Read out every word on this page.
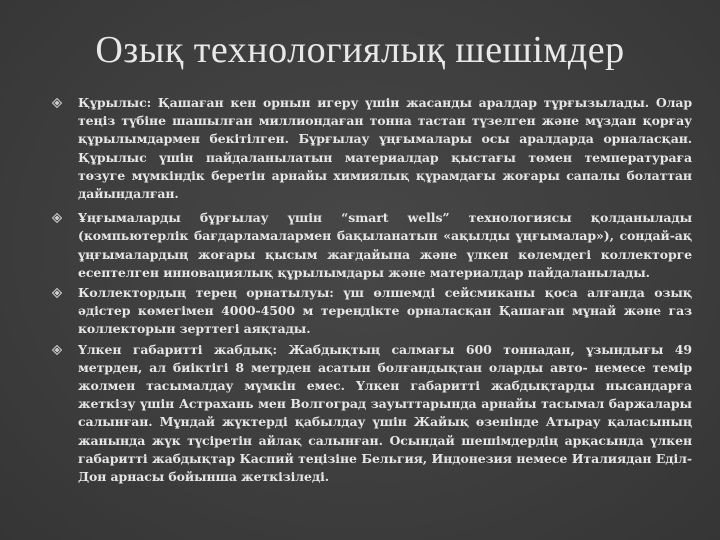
Озық технологиялық шешімдер
Құрылыс: Қашаған кен орнын игеру үшін жасанды аралдар тұрғызылады. Олар теңіз түбіне шашылған миллиондаған тонна тастан түзелген және мұздан қорғау құрылымдармен бекітілген. Бұрғылау ұңғымалары осы аралдарда орналасқан. Құрылыс үшін пайдаланылатын материалдар қыстағы төмен температураға төзуге мүмкіндік беретін арнайы химиялық құрамдағы жоғары сапалы болаттан дайындалған.
Ұңғымаларды бұрғылау үшін “smart wells” технологиясы қолданылады (компьютерлік бағдарламалармен бақыланатын «ақылды ұңғымалар»), сондай-ақ ұңғымалардың жоғары қысым жағдайына және үлкен көлемдегі коллекторге есептелген инновациялық құрылымдары және материалдар пайдаланылады.
Коллектордың терең орнатылуы: үш өлшемді сейсмиканы қоса алғанда озық әдістер көмегімен 4000-4500 м тереңдікте орналасқан Қашаған мұнай және газ коллекторын зерттегі аяқтады.
Үлкен габаритті жабдық: Жабдықтың салмағы 600 тоннадан, ұзындығы 49 метрден, ал биіктігі 8 метрден асатын болғандықтан оларды авто- немесе темір жолмен тасымалдау мүмкін емес. Үлкен габаритті жабдықтарды нысандарға жеткізу үшін Астрахань мен Волгоград зауыттарында арнайы тасымал баржалары салынған. Мұндай жүктерді қабылдау үшін Жайық өзенінде Атырау қаласының жанында жүк түсіретін айлақ салынған. Осындай шешімдердің арқасында үлкен габаритті жабдықтар Каспий теңізіне Бельгия, Индонезия немесе Италиядан Еділ-Дон арнасы бойынша жеткізіледі.
